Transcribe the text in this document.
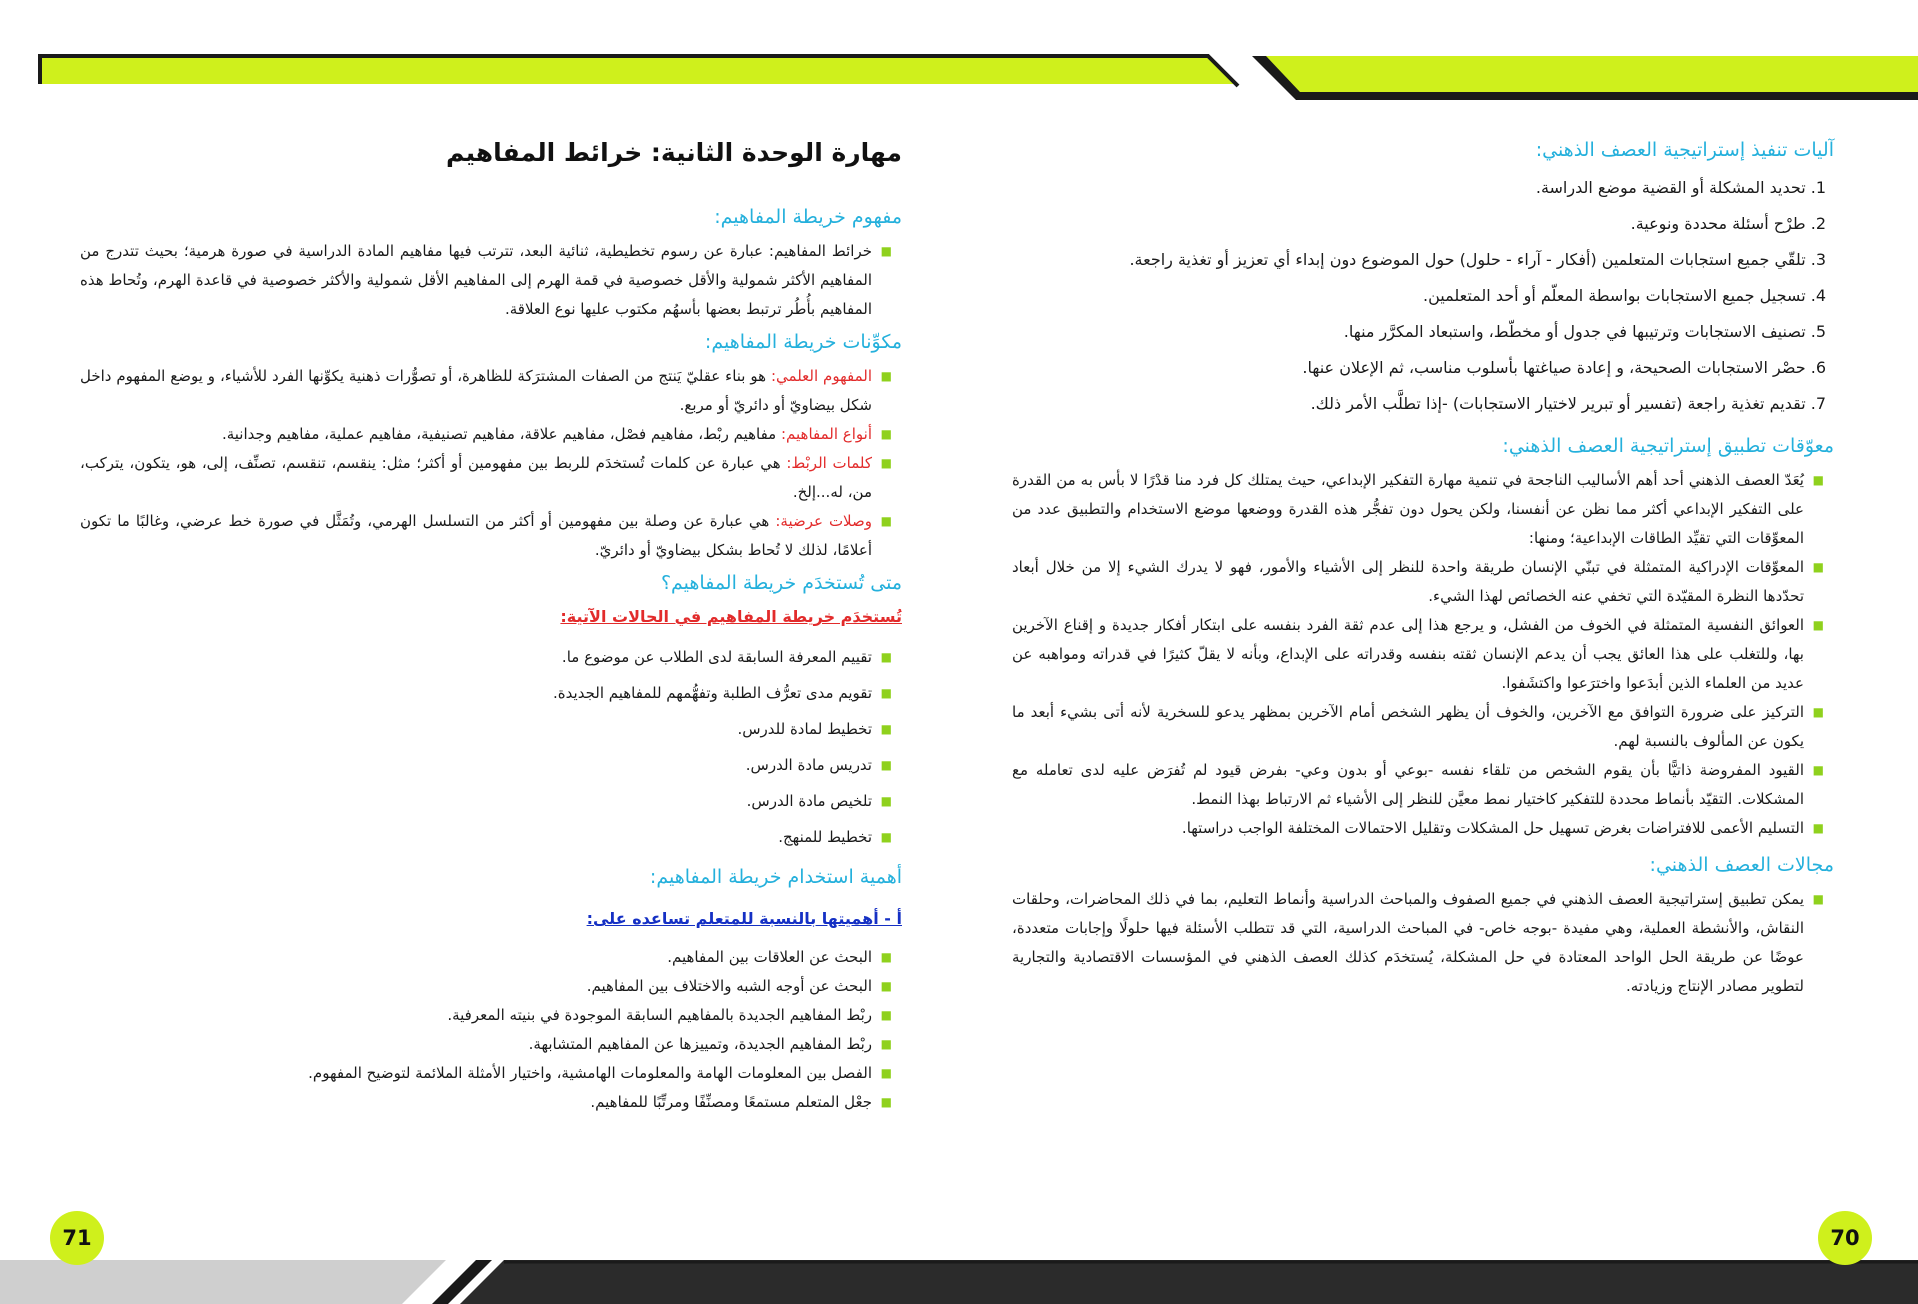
70
71
آليات تنفيذ إستراتيجية العصف الذهني:
1. تحديد المشكلة أو القضية موضع الدراسة.
2. طرْح أسئلة محددة ونوعية.
3. تلقّي جميع استجابات المتعلمين (أفكار - آراء - حلول) حول الموضوع دون إبداء أي تعزيز أو تغذية راجعة.
4. تسجيل جميع الاستجابات بواسطة المعلّم أو أحد المتعلمين.
5. تصنيف الاستجابات وترتيبها في جدول أو مخطّط، واستبعاد المكرَّر منها.
6. حصْر الاستجابات الصحيحة، و إعادة صياغتها بأسلوب مناسب، ثم الإعلان عنها.
7. تقديم تغذية راجعة (تفسير أو تبرير لاختيار الاستجابات) -إذا تطلَّب الأمر ذلك.
معوّقات تطبيق إستراتيجية العصف الذهني:
■
يُعَدّ العصف الذهني أحد أهم الأساليب الناجحة في تنمية مهارة التفكير الإبداعي، حيث يمتلك كل فرد منا قدْرًا لا بأس به من القدرة على التفكير الإبداعي أكثر مما نظن عن أنفسنا، ولكن يحول دون تفجُّر هذه القدرة ووضعها موضع الاستخدام والتطبيق عدد من المعوِّقات التي تقيِّد الطاقات الإبداعية؛ ومنها:
■
المعوِّقات الإدراكية المتمثلة في تبنّي الإنسان طريقة واحدة للنظر إلى الأشياء والأمور، فهو لا يدرك الشيء إلا من خلال أبعاد تحدّدها النظرة المقيّدة التي تخفي عنه الخصائص لهذا الشيء.
■
العوائق النفسية المتمثلة في الخوف من الفشل، و يرجع هذا إلى عدم ثقة الفرد بنفسه على ابتكار أفكار جديدة و إقناع الآخرين بها، وللتغلب على هذا العائق يجب أن يدعم الإنسان ثقته بنفسه وقدراته على الإبداع، وبأنه لا يقلّ كثيرًا في قدراته ومواهبه عن عديد من العلماء الذين أبدَعوا واخترَعوا واكتشَفوا.
■
التركيز على ضرورة التوافق مع الآخرين، والخوف أن يظهر الشخص أمام الآخرين بمظهر يدعو للسخرية لأنه أتى بشيء أبعد ما يكون عن المألوف بالنسبة لهم.
■
القيود المفروضة ذاتيًّا بأن يقوم الشخص من تلقاء نفسه -بوعي أو بدون وعي- بفرض قيود لم تُفرَض عليه لدى تعامله مع المشكلات. التقيّد بأنماط محددة للتفكير كاختيار نمط معيَّن للنظر إلى الأشياء ثم الارتباط بهذا النمط.
■
التسليم الأعمى للافتراضات بغرض تسهيل حل المشكلات وتقليل الاحتمالات المختلفة الواجب دراستها.
مجالات العصف الذهني:
■
يمكن تطبيق إستراتيجية العصف الذهني في جميع الصفوف والمباحث الدراسية وأنماط التعليم، بما في ذلك المحاضرات، وحلقات النقاش، والأنشطة العملية، وهي مفيدة -بوجه خاص- في المباحث الدراسية، التي قد تتطلب الأسئلة فيها حلولًا وإجابات متعددة، عوضًا عن طريقة الحل الواحد المعتادة في حل المشكلة، يُستخدَم كذلك العصف الذهني في المؤسسات الاقتصادية والتجارية لتطوير مصادر الإنتاج وزيادته.
مهارة الوحدة الثانية: خرائط المفاهيم
مفهوم خريطة المفاهيم:
■
خرائط المفاهيم: عبارة عن رسوم تخطيطية، ثنائية البعد، تترتب فيها مفاهيم المادة الدراسية في صورة هرمية؛ بحيث تتدرج من المفاهيم الأكثر شمولية والأقل خصوصية في قمة الهرم إلى المفاهيم الأقل شمولية والأكثر خصوصية في قاعدة الهرم، وتُحاط هذه المفاهيم بأُطُر ترتبط بعضها بأسهُم مكتوب عليها نوع العلاقة.
مكوِّنات خريطة المفاهيم:
■
المفهوم العلمي: هو بناء عقليّ يَنتج من الصفات المشترَكة للظاهرة، أو تصوُّرات ذهنية يكوِّنها الفرد للأشياء، و يوضع المفهوم داخل شكل بيضاويّ أو دائريّ أو مربع.
■
أنواع المفاهيم: مفاهيم ربْط، مفاهيم فصْل، مفاهيم علاقة، مفاهيم تصنيفية، مفاهيم عملية، مفاهيم وجدانية.
■
كلمات الربْط: هي عبارة عن كلمات تُستخدَم للربط بين مفهومين أو أكثر؛ مثل: ينقسم، تنقسم، تصنِّف، إلى، هو، يتكون، يتركب، من، له...إلخ.
■
وصلات عرضية: هي عبارة عن وصلة بين مفهومين أو أكثر من التسلسل الهرمي، وتُمَثَّل في صورة خط عرضي، وغالبًا ما تكون أعلامًا، لذلك لا تُحاط بشكل بيضاويّ أو دائريّ.
متى تُستخدَم خريطة المفاهيم؟
تُستخدَم خريطة المفاهيم في الحالات الآتية:
■
تقييم المعرفة السابقة لدى الطلاب عن موضوع ما.
■
تقويم مدى تعرُّف الطلبة وتفهُّمهم للمفاهيم الجديدة.
■
تخطيط لمادة للدرس.
■
تدريس مادة الدرس.
■
تلخيص مادة الدرس.
■
تخطيط للمنهج.
أهمية استخدام خريطة المفاهيم:
أ - أهميتها بالنسبة للمتعلم تساعده على:
■
البحث عن العلاقات بين المفاهيم.
■
البحث عن أوجه الشبه والاختلاف بين المفاهيم.
■
ربْط المفاهيم الجديدة بالمفاهيم السابقة الموجودة في بنيته المعرفية.
■
ربْط المفاهيم الجديدة، وتمييزها عن المفاهيم المتشابهة.
■
الفصل بين المعلومات الهامة والمعلومات الهامشية، واختيار الأمثلة الملائمة لتوضيح المفهوم.
■
جعْل المتعلم مستمعًا ومصنِّفًا ومرتِّبًا للمفاهيم.
